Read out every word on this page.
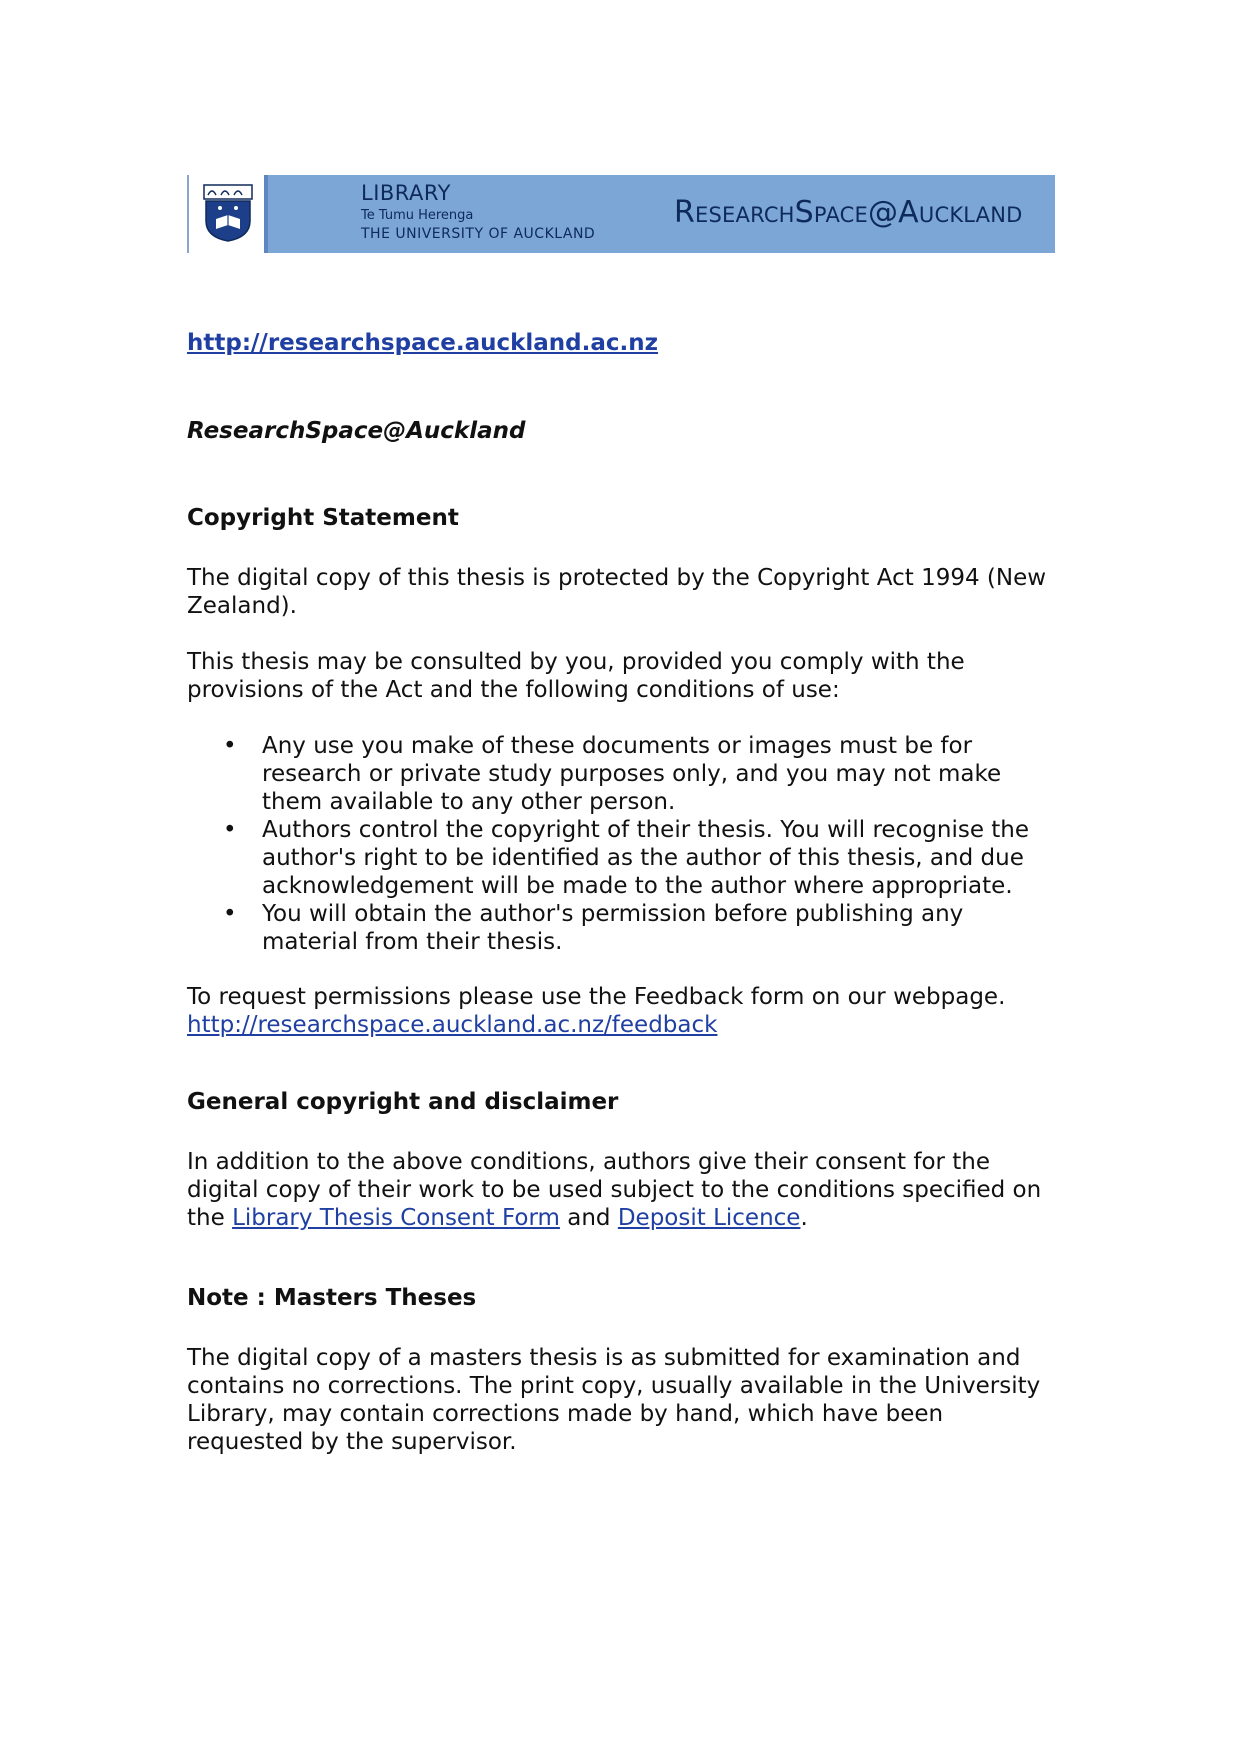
LIBRARY
Te Tumu Herenga
THE UNIVERSITY OF AUCKLAND
ResearchSpace@Auckland
http://researchspace.auckland.ac.nz
ResearchSpace@Auckland
Copyright Statement

The digital copy of this thesis is protected by the Copyright Act 1994 (New Zealand).

This thesis may be consulted by you, provided you comply with the provisions of the Act and the following conditions of use:

• Any use you make of these documents or images must be for research or private study purposes only, and you may not make them available to any other person.
• Authors control the copyright of their thesis. You will recognise the author's right to be identified as the author of this thesis, and due acknowledgement will be made to the author where appropriate.
• You will obtain the author's permission before publishing any material from their thesis.

To request permissions please use the Feedback form on our webpage.
http://researchspace.auckland.ac.nz/feedback

General copyright and disclaimer

In addition to the above conditions, authors give their consent for the digital copy of their work to be used subject to the conditions specified on the Library Thesis Consent Form and Deposit Licence.

Note : Masters Theses

The digital copy of a masters thesis is as submitted for examination and contains no corrections. The print copy, usually available in the University Library, may contain corrections made by hand, which have been requested by the supervisor.
